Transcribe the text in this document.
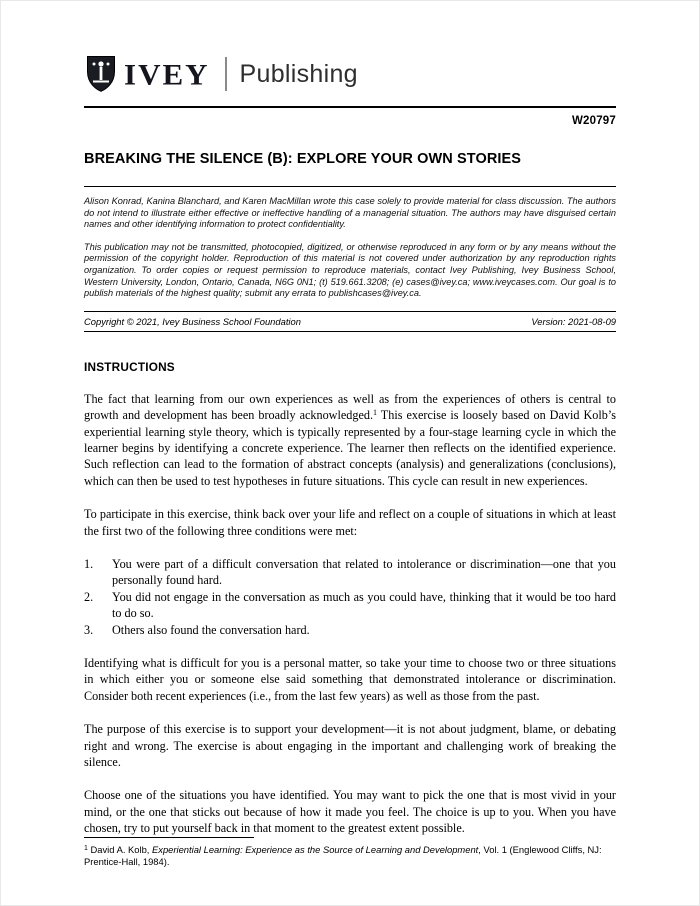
IVEY Publishing
W20797
BREAKING THE SILENCE (B): EXPLORE YOUR OWN STORIES

Alison Konrad, Kanina Blanchard, and Karen MacMillan wrote this case solely to provide material for class discussion. The authors do not intend to illustrate either effective or ineffective handling of a managerial situation. The authors may have disguised certain names and other identifying information to protect confidentiality.

This publication may not be transmitted, photocopied, digitized, or otherwise reproduced in any form or by any means without the permission of the copyright holder. Reproduction of this material is not covered under authorization by any reproduction rights organization. To order copies or request permission to reproduce materials, contact Ivey Publishing, Ivey Business School, Western University, London, Ontario, Canada, N6G 0N1; (t) 519.661.3208; (e) cases@ivey.ca; www.iveycases.com. Our goal is to publish materials of the highest quality; submit any errata to publishcases@ivey.ca.

Copyright © 2021, Ivey Business School Foundation	Version: 2021-08-09
INSTRUCTIONS

The fact that learning from our own experiences as well as from the experiences of others is central to growth and development has been broadly acknowledged.$^1$ This exercise is loosely based on David Kolb’s experiential learning style theory, which is typically represented by a four-stage learning cycle in which the learner begins by identifying a concrete experience. The learner then reflects on the identified experience. Such reflection can lead to the formation of abstract concepts (analysis) and generalizations (conclusions), which can then be used to test hypotheses in future situations. This cycle can result in new experiences.

To participate in this exercise, think back over your life and reflect on a couple of situations in which at least the first two of the following three conditions were met:

1.	You were part of a difficult conversation that related to intolerance or discrimination—one that you personally found hard.
2.	You did not engage in the conversation as much as you could have, thinking that it would be too hard to do so.
3.	Others also found the conversation hard.

Identifying what is difficult for you is a personal matter, so take your time to choose two or three situations in which either you or someone else said something that demonstrated intolerance or discrimination. Consider both recent experiences (i.e., from the last few years) as well as those from the past.

The purpose of this exercise is to support your development—it is not about judgment, blame, or debating right and wrong. The exercise is about engaging in the important and challenging work of breaking the silence.

Choose one of the situations you have identified. You may want to pick the one that is most vivid in your mind, or the one that sticks out because of how it made you feel. The choice is up to you. When you have chosen, try to put yourself back in that moment to the greatest extent possible.

$^1$ David A. Kolb, Experiential Learning: Experience as the Source of Learning and Development, Vol. 1 (Englewood Cliffs, NJ: Prentice-Hall, 1984).
